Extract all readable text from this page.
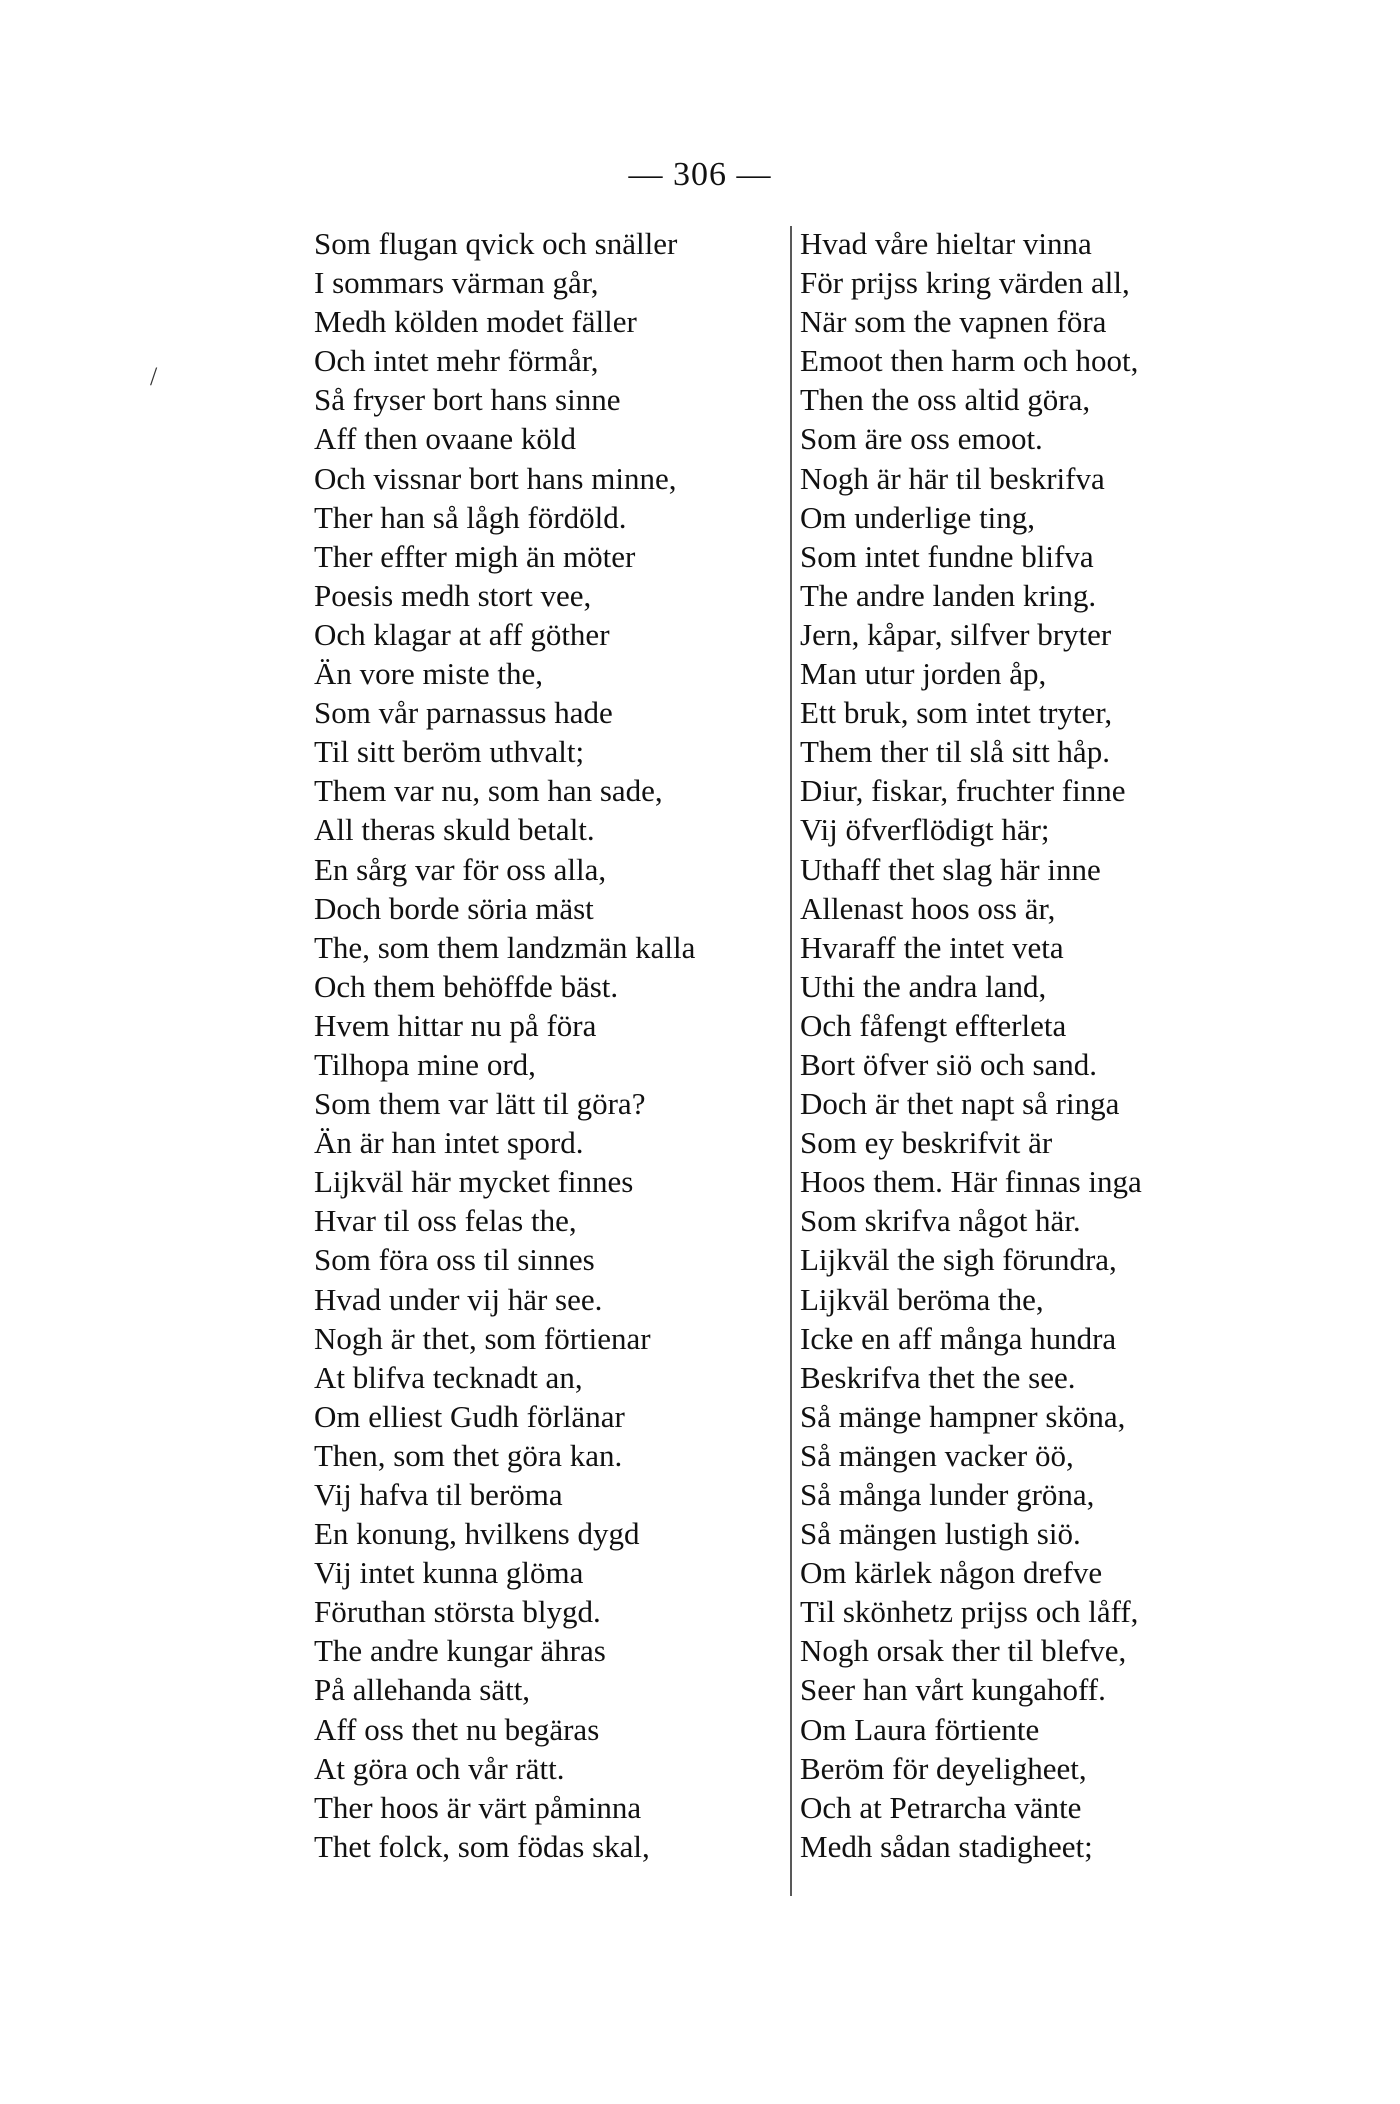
— 306 —
/
Som flugan qvick och snäller
I sommars värman går,
Medh kölden modet fäller
Och intet mehr förmår,
Så fryser bort hans sinne
Aff then ovaane köld
Och vissnar bort hans minne,
Ther han så lågh fördöld.
Ther effter migh än möter
Poesis medh stort vee,
Och klagar at aff göther
Än vore miste the,
Som vår parnassus hade
Til sitt beröm uthvalt;
Them var nu, som han sade,
All theras skuld betalt.
En sårg var för oss alla,
Doch borde söria mäst
The, som them landzmän kalla
Och them behöffde bäst.
Hvem hittar nu på föra
Tilhopa mine ord,
Som them var lätt til göra?
Än är han intet spord.
Lijkväl här mycket finnes
Hvar til oss felas the,
Som föra oss til sinnes
Hvad under vij här see.
Nogh är thet, som förtienar
At blifva tecknadt an,
Om elliest Gudh förlänar
Then, som thet göra kan.
Vij hafva til beröma
En konung, hvilkens dygd
Vij intet kunna glöma
Föruthan största blygd.
The andre kungar ähras
På allehanda sätt,
Aff oss thet nu begäras
At göra och vår rätt.
Ther hoos är värt påminna
Thet folck, som födas skal,
Hvad våre hieltar vinna
För prijss kring värden all,
När som the vapnen föra
Emoot then harm och hoot,
Then the oss altid göra,
Som äre oss emoot.
Nogh är här til beskrifva
Om underlige ting,
Som intet fundne blifva
The andre landen kring.
Jern, kåpar, silfver bryter
Man utur jorden åp,
Ett bruk, som intet tryter,
Them ther til slå sitt håp.
Diur, fiskar, fruchter finne
Vij öfverflödigt här;
Uthaff thet slag här inne
Allenast hoos oss är,
Hvaraff the intet veta
Uthi the andra land,
Och fåfengt effterleta
Bort öfver siö och sand.
Doch är thet napt så ringa
Som ey beskrifvit är
Hoos them. Här finnas inga
Som skrifva något här.
Lijkväl the sigh förundra,
Lijkväl beröma the,
Icke en aff många hundra
Beskrifva thet the see.
Så mänge hampner sköna,
Så mängen vacker öö,
Så många lunder gröna,
Så mängen lustigh siö.
Om kärlek någon drefve
Til skönhetz prijss och låff,
Nogh orsak ther til blefve,
Seer han vårt kungahoff.
Om Laura förtiente
Beröm för deyeligheet,
Och at Petrarcha vänte
Medh sådan stadigheet;
